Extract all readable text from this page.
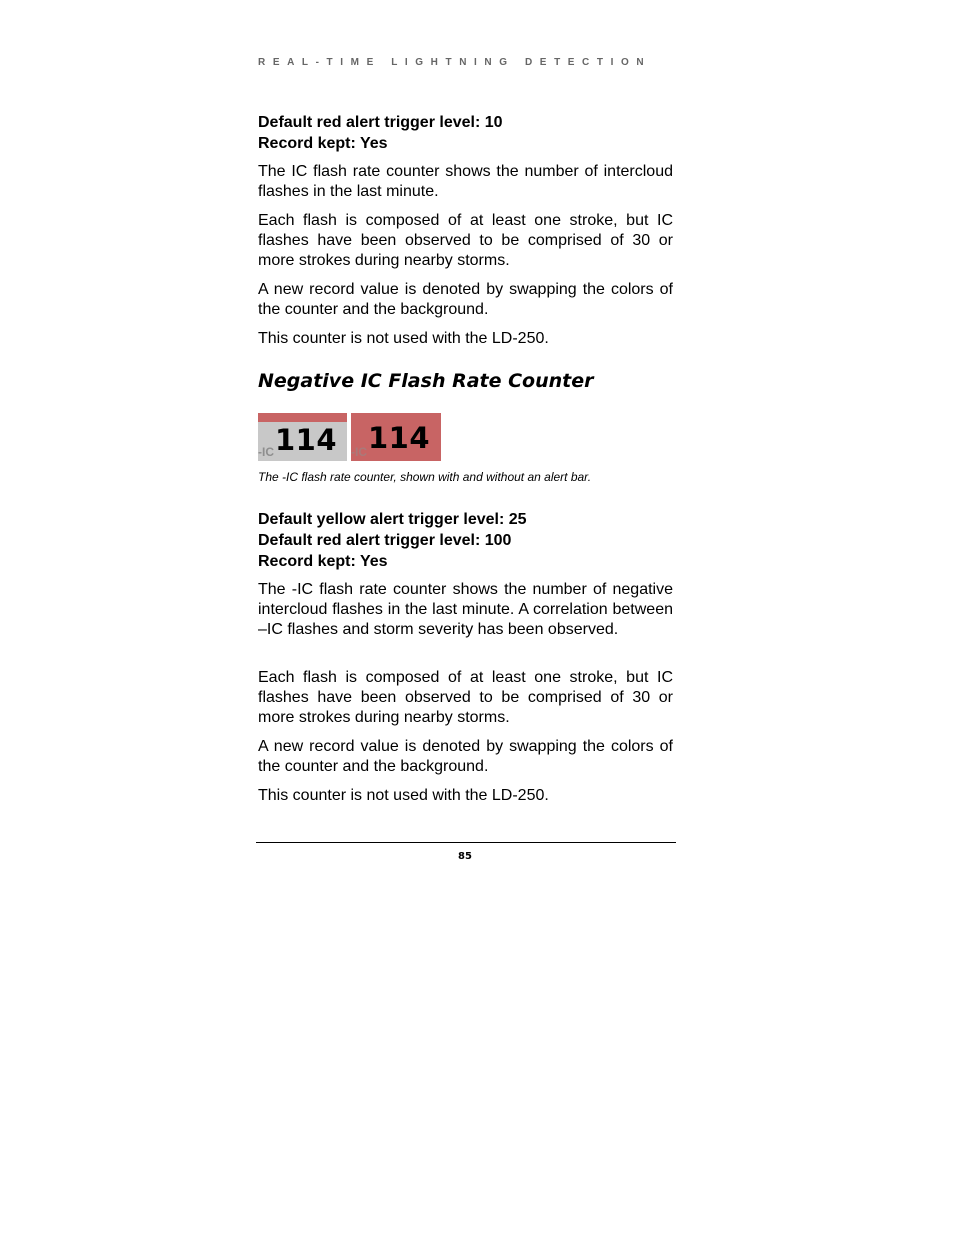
REAL-TIME LIGHTNING DETECTION
Default red alert trigger level: 10
Record kept: Yes

The IC flash rate counter shows the number of intercloud flashes in the last minute.

Each flash is composed of at least one stroke, but IC flashes have been observed to be comprised of 30 or more strokes during nearby storms.

A new record value is denoted by swapping the colors of the counter and the background.

This counter is not used with the LD-250.

Negative IC Flash Rate Counter
114
-IC	114
-IC
The -IC flash rate counter, shown with and without an alert bar.
Default yellow alert trigger level: 25
Default red alert trigger level: 100
Record kept: Yes

The -IC flash rate counter shows the number of negative intercloud flashes in the last minute. A correlation between –IC flashes and storm severity has been observed.

Each flash is composed of at least one stroke, but IC flashes have been observed to be comprised of 30 or more strokes during nearby storms.

A new record value is denoted by swapping the colors of the counter and the background.

This counter is not used with the LD-250.

85
